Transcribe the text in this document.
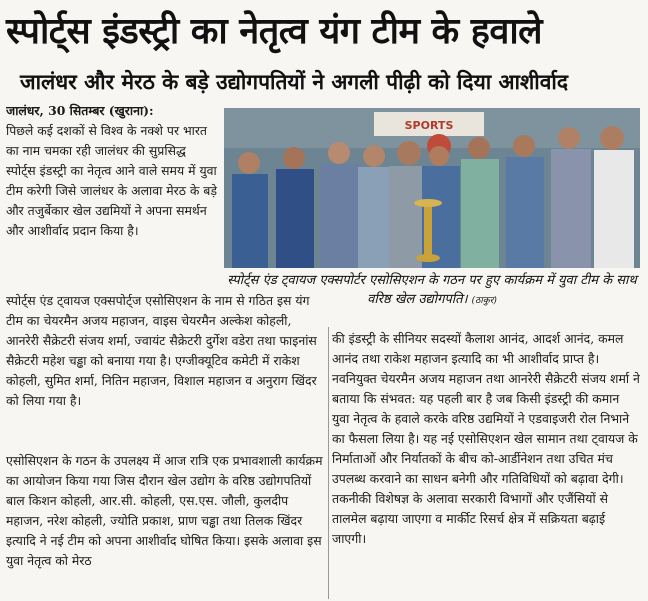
स्पोर्ट्स इंडस्ट्री का नेतृत्व यंग टीम के हवाले
जालंधर और मेरठ के बड़े उद्योगपतियों ने अगली पीढ़ी को दिया आशीर्वाद

जालंधर, 30 सितम्बर (खुराना):

पिछले कई दशकों से विश्व के नक्शे पर भारत का नाम चमका रही जालंधर की सुप्रसिद्ध स्पोर्ट्स इंडस्ट्री का नेतृत्व आने वाले समय में युवा टीम करेगी जिसे जालंधर के अलावा मेरठ के बड़े और तजुर्बेकार खेल उद्यमियों ने अपना समर्थन और आशीर्वाद प्रदान किया है।

स्पोर्ट्स एंड ट्वायज एक्सपोर्ट्ज एसोसिएशन के नाम से गठित इस यंग टीम का चेयरमैन अजय महाजन, वाइस चेयरमैन अल्केश कोहली, आनरेरी सैक्रेटरी संजय शर्मा, ज्वायंट सैक्रेटरी दुर्गेश वडेरा तथा फाइनांस सैक्रेटरी महेश चड्ढा को बनाया गया है। एग्जीक्यूटिव कमेटी में राकेश कोहली, सुमित शर्मा, नितिन महाजन, विशाल महाजन व अनुराग खिंदर को लिया गया है।

एसोसिएशन के गठन के उपलक्ष्य में आज रात्रि एक प्रभावशाली कार्यक्रम का आयोजन किया गया जिस दौरान खेल उद्योग के वरिष्ठ उद्योगपतियों बाल किशन कोहली, आर.सी. कोहली, एस.एस. जौली, कुलदीप महाजन, नरेश कोहली, ज्योति प्रकाश, प्राण चड्ढा तथा तिलक खिंदर इत्यादि ने नई टीम को अपना आशीर्वाद घोषित किया। इसके अलावा इस युवा नेतृत्व को मेरठ

SPORTS
स्पोर्ट्स एंड ट्वायज एक्सपोर्टर एसोसिएशन के गठन पर हुए कार्यक्रम में युवा टीम के साथ वरिष्ठ खेल उद्योगपति। (ठाकुर)

की इंडस्ट्री के सीनियर सदस्यों कैलाश आनंद, आदर्श आनंद, कमल आनंद तथा राकेश महाजन इत्यादि का भी आशीर्वाद प्राप्त है। नवनियुक्त चेयरमैन अजय महाजन तथा आनरेरी सैक्रेटरी संजय शर्मा ने बताया कि संभवत: यह पहली बार है जब किसी इंडस्ट्री की कमान युवा नेतृत्व के हवाले करके वरिष्ठ उद्यमियों ने एडवाइजरी रोल निभाने का फैसला लिया है। यह नई एसोसिएशन खेल सामान तथा ट्वायज के निर्माताओं और निर्यातकों के बीच को-आर्डीनेशन तथा उचित मंच उपलब्ध करवाने का साधन बनेगी और गतिविधियों को बढ़ावा देगी। तकनीकी विशेषज्ञ के अलावा सरकारी विभागों और एजैंसियों से तालमेल बढ़ाया जाएगा व मार्कीट रिसर्च क्षेत्र में सक्रियता बढ़ाई जाएगी।
